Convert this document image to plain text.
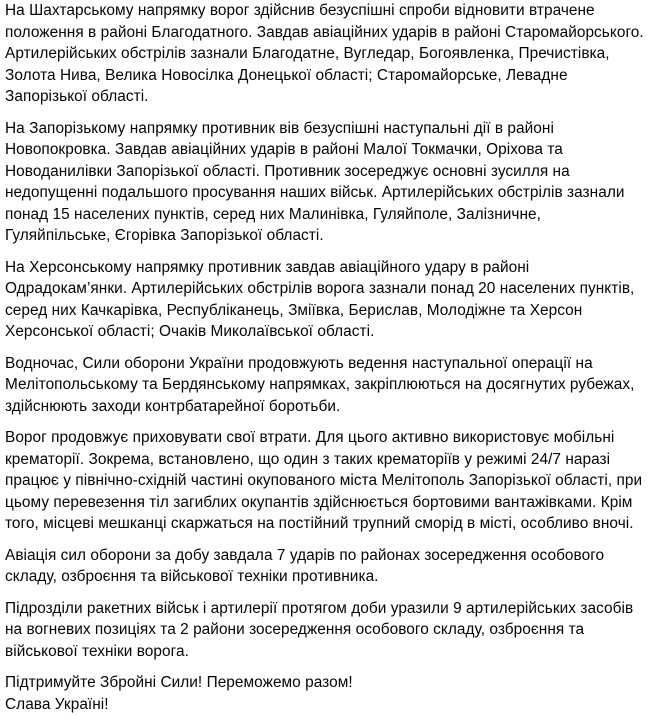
На Шахтарському напрямку ворог здійснив безуспішні спроби відновити втрачене положення в районі Благодатного. Завдав авіаційних ударів в районі Старомайорського. Артилерійських обстрілів зазнали Благодатне, Вугледар, Богоявленка, Пречистівка, Золота Нива, Велика Новосілка Донецької області; Старомайорське, Левадне Запорізької області.

На Запорізькому напрямку противник вів безуспішні наступальні дії в районі Новопокровка. Завдав авіаційних ударів в районі Малої Токмачки, Оріхова та Новоданилівки Запорізької області. Противник зосереджує основні зусилля на недопущенні подальшого просування наших військ. Артилерійських обстрілів зазнали понад 15 населених пунктів, серед них Малинівка, Гуляйполе, Залізничне, Гуляйпільське, Єгорівка Запорізької області.

На Херсонському напрямку противник завдав авіаційного удару в районі Одрадокам’янки. Артилерійських обстрілів ворога зазнали понад 20 населених пунктів, серед них Качкарівка, Республіканець, Зміївка, Берислав, Молодіжне та Херсон Херсонської області; Очаків Миколаївської області.

Водночас, Сили оборони України продовжують ведення наступальної операції на Мелітопольському та Бердянському напрямках, закріплюються на досягнутих рубежах, здійснюють заходи контрбатарейної боротьби.

Ворог продовжує приховувати свої втрати. Для цього активно використовує мобільні крематорії. Зокрема, встановлено, що один з таких крематоріїв у режимі 24/7 наразі працює у північно-східній частині окупованого міста Мелітополь Запорізької області, при цьому перевезення тіл загиблих окупантів здійснюється бортовими вантажівками. Крім того, місцеві мешканці скаржаться на постійний трупний сморід в місті, особливо вночі.

Авіація сил оборони за добу завдала 7 ударів по районах зосередження особового складу, озброєння та військової техніки противника.

Підрозділи ракетних військ і артилерії протягом доби уразили 9 артилерійських засобів на вогневих позиціях та 2 райони зосередження особового складу, озброєння та військової техніки ворога.

Підтримуйте Збройні Сили! Переможемо разом!
Слава Україні!
